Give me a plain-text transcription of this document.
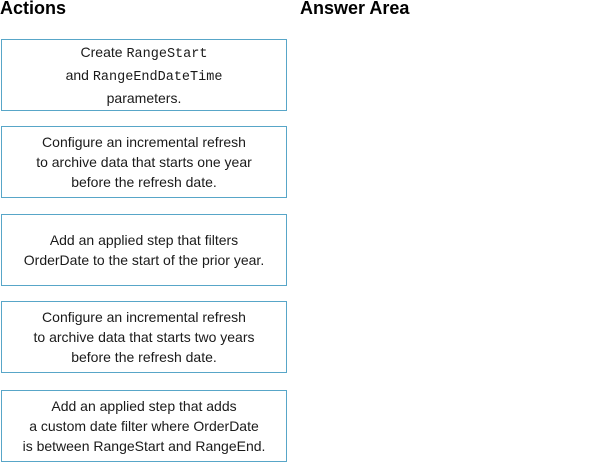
Actions	Answer Area
Create RangeStart
and RangeEndDateTime
parameters.
Configure an incremental refresh
to archive data that starts one year
before the refresh date.
Add an applied step that filters
OrderDate to the start of the prior year.
Configure an incremental refresh
to archive data that starts two years
before the refresh date.
Add an applied step that adds
a custom date filter where OrderDate
is between RangeStart and RangeEnd.
